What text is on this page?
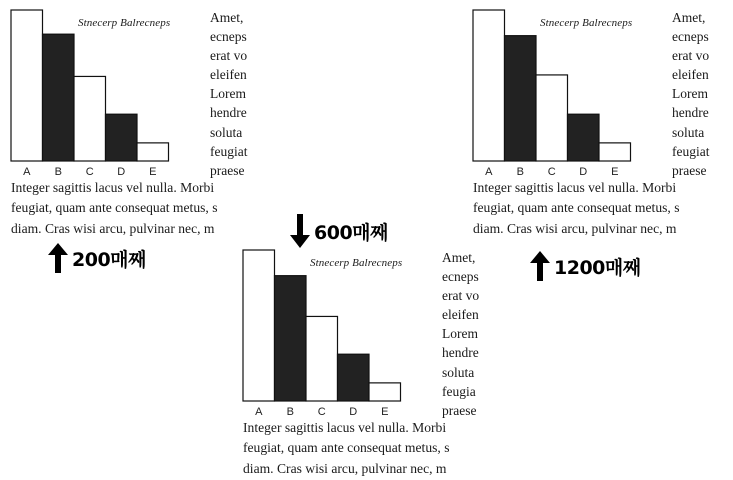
A B C D E
Stnecerp Balrecneps	Amet,
ecneps
erat vo
eleifen
Lorem
hendre
soluta
feugiat
praese
Integer sagittis lacus vel nulla. Morbi
feugiat, quam ante consequat metus, s
diam. Cras wisi arcu, pulvinar nec, m
A B C D E
Stnecerp Balrecneps	Amet,
ecneps
erat vo
eleifen
Lorem
hendre
soluta
feugia
praese
Integer sagittis lacus vel nulla. Morbi
feugiat, quam ante consequat metus, s
diam. Cras wisi arcu, pulvinar nec, m
A B C D E
Stnecerp Balrecneps	Amet,
ecneps
erat vo
eleifen
Lorem
hendre
soluta
feugiat
praese
Integer sagittis lacus vel nulla. Morbi
feugiat, quam ante consequat metus, s
diam. Cras wisi arcu, pulvinar nec, m
200매째
600매째
1200매째
